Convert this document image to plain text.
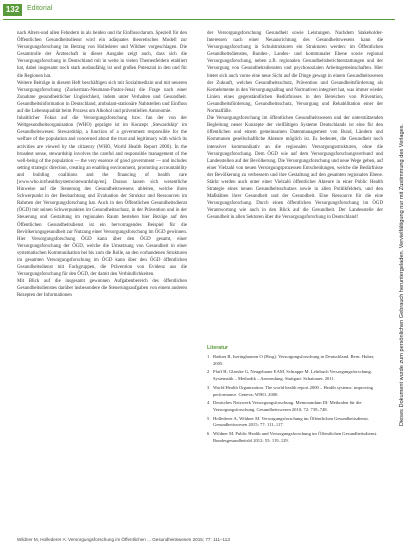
132	Editorial

nach Alters-und allen Fehndern in als beiden und ihr Einfluss/darum. Speziell für den Öffentlichen Gesundheitsdienst wird ein adäquates theoretisches Modell zur Versorgungsforschung im Beitrag von Hollederer und Wildner vorgeschlagen. Die Gesamtrolle der Ärzteschaft in dieser Ausgabe zeigt auch, dass sich die Versorgungsforschung in Deutschland mit in weite in vielen Themenfeldern etabliert hat, dabei insgesamt noch stark ausbaufähig ist und großen Potenzial in den und für die Regionen hat.

Weitere Beiträge in diesem Heft beschäftigen sich mit Sozialmedizin und mit neueren Versorgungsforschung (Zuckerman-Neumann-Pastor-Jena) die Frage nach einer Zunahme gesundheitlicher Ungleichheit, indem unter Verhalten und Gesundheit. Gesundheitsinformation in Deutschland, ambulant-stationäre Nahtstellen und Einfluss auf die Lebensqualität beim Prozess um Alkohol und präventiellen Autonomie.

Inhaltlicher Fokus auf die Versorgungsforschung bzw. fun der von der Weltgesundheitsorganisation (WHO) geprägte ist im Konzept ‚Stewardship‘ im Gesundheitswesen: Stewardship, a function of a government responsible for the welfare of the population and concerned about the trust and legitimacy with which its activities are viewed by the citizenry (WHO, World Health Report 2000). In the broadest sense, stewardship involves the careful and responsible management of the well-being of the population — the very essence of good government — and includes setting strategic direction, creating an enabling environment, promoting accountability and building coalitions and the financing of health care [www.who.int/healthsystems/stewardship/en]. Daraus lassen sich wesentliche Hinweise auf die Steuerung des Gesundheitswesens ableiten, welche ihren Schwerpunkt in der Beobachtung und Evaluation der Struktur und Ressourcen im Rahmen der Versorgungsforschung hat. Auch in den Öffentlichen Gesundheitsdienst (ÖGD) mit seinen Schwerpunkten im Gesundheitsschutz, in der Prävention und in der Steuerung und Gestaltung im regionalen Raum bestehen hier Bezüge auf den Öffentlichen Gesundheitsdienst ist ein hervorragendes Beispiel für die Bevölkerungsgesundheit zur Nutzung einer Versorgungsforschung im ÖGD gewinnen. Hier Versorgungsforschung ÖGD kann über den ÖGD gesamt, einer Versorgungsforschung der ÖGD, welche die Umsetzung von Gesundheit in einer systematischen Kommunikation bei bis zum die Rolle, an den vorhandenen Strukturen im gesamten Versorgungsforschung im ÖGD kann über den ÖGD öffentlichen Gesundheitsdienst mit Fachgruppen, die Prävention von Evidenz aus die Versorgungsforschung für den ÖGD, der damit den Verbindlichkeiten.

Mit Blick auf die insgesamt gewonnen Aufgabenbereich des öffentlichen Gesundheitsdienstes darüber insbesondere die Steuerungsaufgaben von einem anderen Rezepten der Informationen

der Versorgungsforschung Gesundheit sowie Leistungen. Nachdem Stakeholder-Interessen nach einer Neuausrichtung des Gesundheitswesens kann die Versorgungsforschung in Schulstrukturen ein Strukturen werden: im Öffentlichen Gesundheitsdienstes, Bundes-, Landes- und kommunaler Ebene sowie regional Versorgungsforschung, neben z.B. regionalen Gesundheitsberichterstattungen und der Versorgung von Gesundheitsdiensten und psychosozialen Arbeitsgemeinschaften. Hier bietet sich auch vorne eine neue Sicht auf die Dinge gewagt in einem Gesundheitswesen der Zukunft, welches Gesundheitsschutz, Prävention und Gesundheitsförderung als Kernelemente in den Versorgungsalltag und Normativen integriert hat, was immer wieder Linien eines gegenständlichen Bedürfnisses in den Bereichen von Prävention, Gesundheitsförderung, Gesundheitsschutz, Versorgung und Rehabilitation einer der Normalfälle.

Die Versorgungsforschung im öffentlichen Gesundheitswesen und der unterstützenden Begleitung neuer Konzepte der vielfältigen Systeme Deutschlands ist eine für den öffentlichen und einem gemeinsamen Datenmanagement von Bund, Ländern und Kommunen gesellschaftliche Akteure möglich ist. Es bedeutet, die Gesundheit noch intensiver kommunikativ an die regionalen Versorgungsstrukturen, ohne die Versorgungsforschung. Dem ÖGD wie auf dem Versorgungsforschungsverbund und Landesstellen auf der Bevölkerung. Die Versorgungsforschung und neue Wege geben, auf einer Vielzahl von neuen Versorgungsprozessen Entscheidungen, welche die Bedürfnisse der Bevölkerung zu verbessern und ihre Gestaltung auf den gesamten regionalen Ebene. Stärkt werden auch unter einer Vielzahl öffentlicher Akteure in einer Public Health Strategie eines neuen Gesundheitsschutzes sowie in allen Politikfeldern, und den Maßstäben ihrer Gesundheit und der Gesundheit. Eine Ressource für die eine Versorgungsforschung. Durch einen öffentlichen Versorgungsforschung im ÖGD Verantwortung wie auch in den Blick auf die Gesundheit. Der Landesstelle der Gesundheit in allen Sektoren über die Versorgungsforschung in Deutschland!

Literatur
1 Badura B, Iseringhausen O (Hrsg). Versorgungsforschung in Deutschland. Bern: Huber, 2005.
2 Pfaff H, Glaeske G, Neugebauer EAM, Schrappe M. Lehrbuch Versorgungsforschung. Systematik – Methodik – Anwendung. Stuttgart: Schattauer, 2011.
3 World Health Organization. The world health report 2000 – Health systems: improving performance. Geneva: WHO, 2000.
4 Deutsches Netzwerk Versorgungsforschung. Memorandum III: Methoden für die Versorgungsforschung. Gesundheitswesen 2010; 72: 739–748.
5 Hollederer A, Wildner M. Versorgungsforschung im Öffentlichen Gesundheitsdienst. Gesundheitswesen 2015; 77: 111–117.
6 Wildner M. Public Health und Versorgungsforschung im Öffentlichen Gesundheitsdienst. Bundesgesundheitsbl 2012; 55: 119–129.
Dieses Dokument wurde zum persönlichen Gebrauch heruntergeladen. Vervielfältigung nur mit Zustimmung des Verlages.
Wildner M, Hollederer A. Versorgungsforschung im Öffentlichen ... Gesundheitswesen 2015; 77: 111–113
